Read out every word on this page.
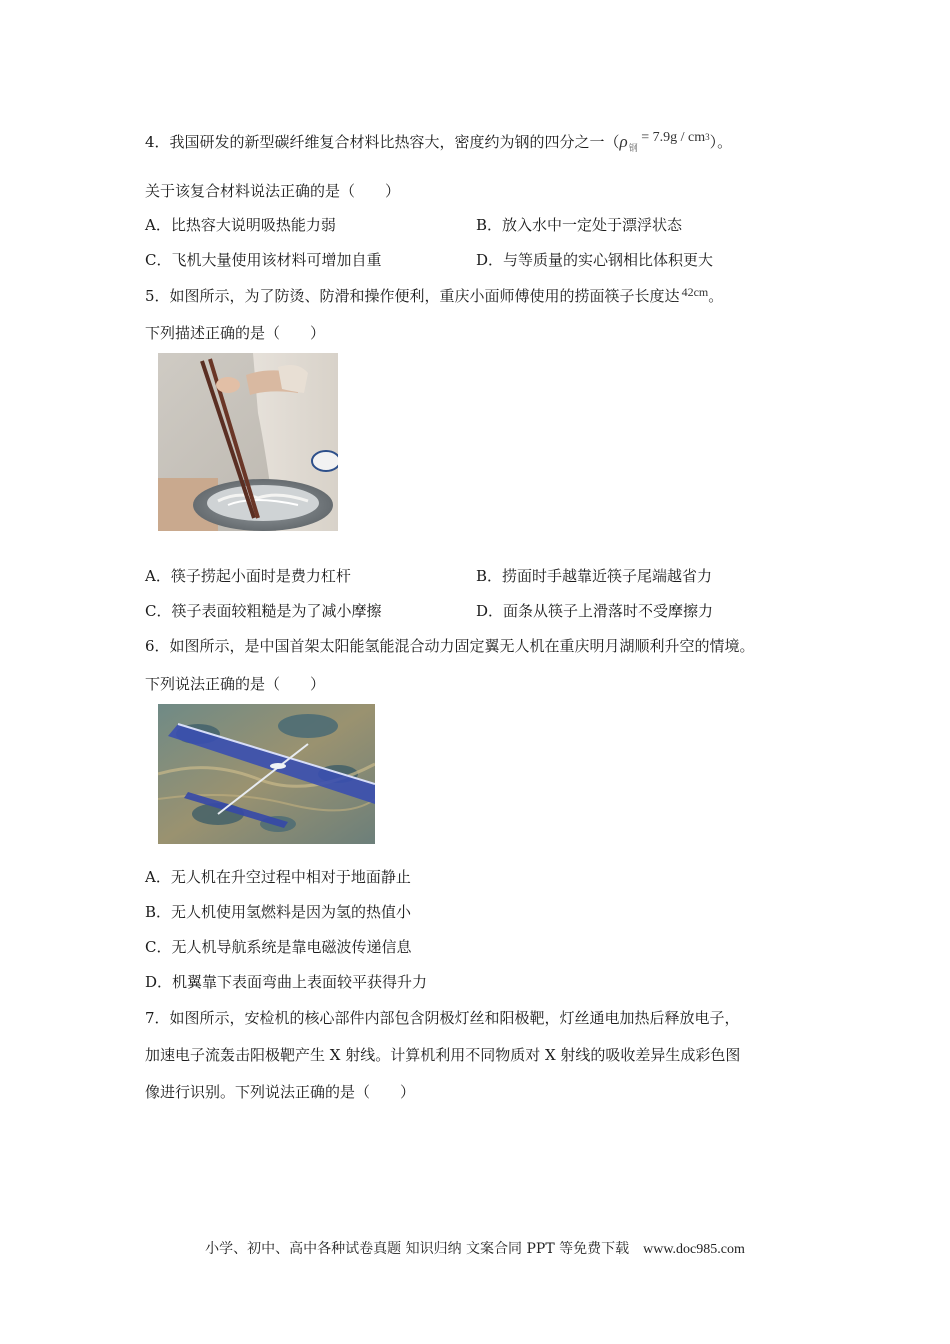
4．我国研发的新型碳纤维复合材料比热容大，密度约为钢的四分之一$(\rho_钢 = 7.9g / cm^3)$。
关于该复合材料说法正确的是（　　）
A．比热容大说明吸热能力弱	B．放入水中一定处于漂浮状态
C．飞机大量使用该材料可增加自重	D．与等质量的实心钢相比体积更大
5．如图所示，为了防烫、防滑和操作便利，重庆小面师傅使用的捞面筷子长度达 $^{42cm}$。
下列描述正确的是（　　）
A．筷子捞起小面时是费力杠杆	B．捞面时手越靠近筷子尾端越省力
C．筷子表面较粗糙是为了减小摩擦	D．面条从筷子上滑落时不受摩擦力
6．如图所示，是中国首架太阳能氢能混合动力固定翼无人机在重庆明月湖顺利升空的情境。
下列说法正确的是（　　）
A．无人机在升空过程中相对于地面静止
B．无人机使用氢燃料是因为氢的热值小
C．无人机导航系统是靠电磁波传递信息
D．机翼靠下表面弯曲上表面较平获得升力
7．如图所示，安检机的核心部件内部包含阴极灯丝和阳极靶，灯丝通电加热后释放电子，
加速电子流轰击阳极靶产生 X 射线。计算机利用不同物质对 X 射线的吸收差异生成彩色图
像进行识别。下列说法正确的是（　　）
小学、初中、高中各种试卷真题 知识归纳 文案合同 PPT 等免费下载 www.doc985.com
